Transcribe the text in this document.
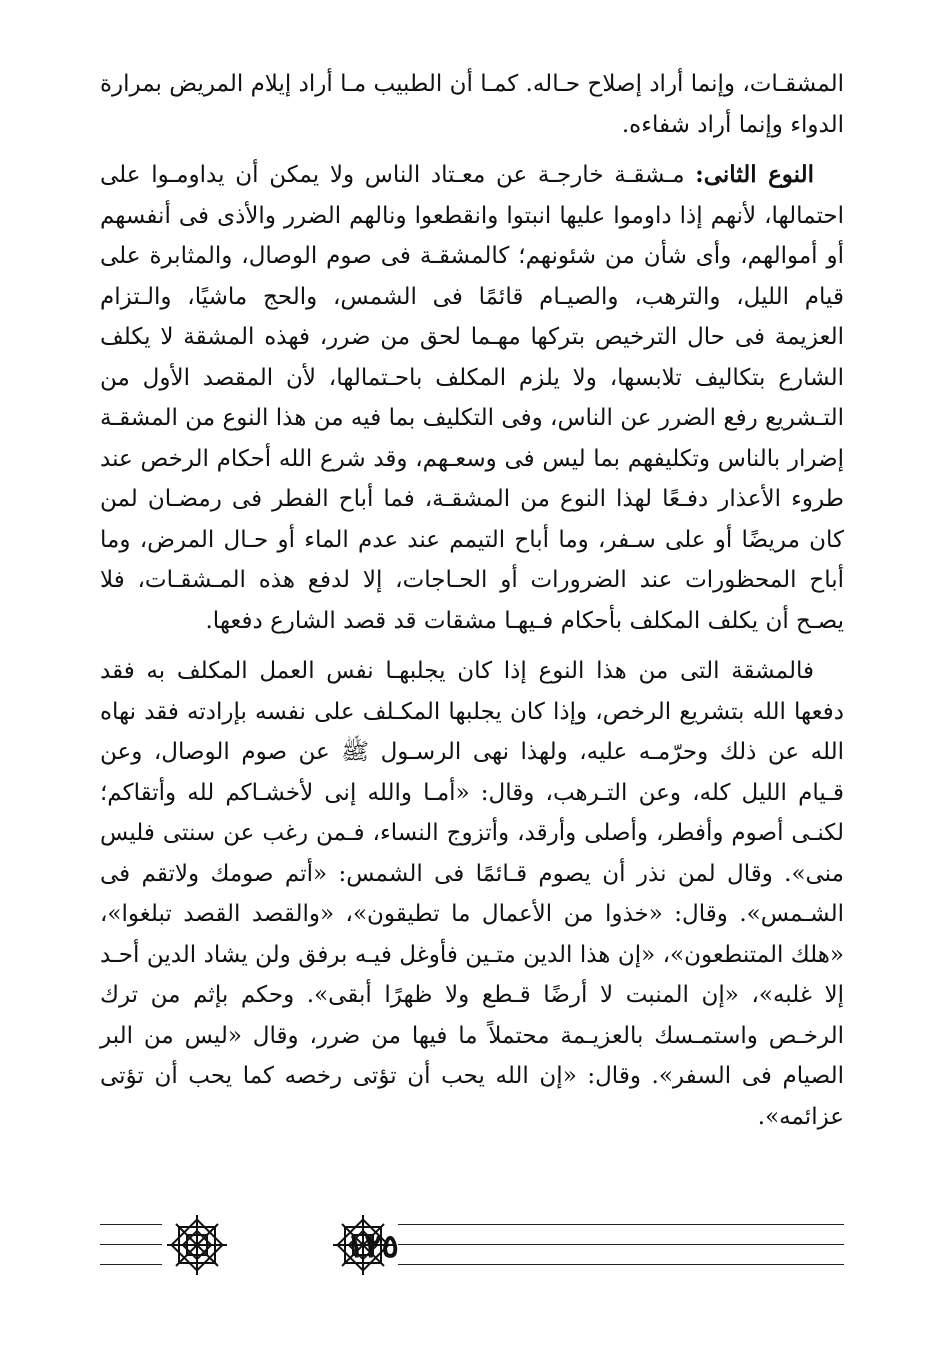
المشقـات، وإنما أراد إصلاح حـاله. كمـا أن الطبيب مـا أراد إيلام المريض بمرارة الدواء وإنما أراد شفاءه.

النوع الثانى: مـشقـة خارجـة عن معـتاد الناس ولا يمكن أن يداومـوا على احتمالها، لأنهم إذا داوموا عليها انبتوا وانقطعوا ونالهم الضرر والأذى فى أنفسهم أو أموالهم، وأى شأن من شئونهم؛ كالمشقـة فى صوم الوصال، والمثابرة على قيام الليل، والترهب، والصيـام قائمًا فى الشمس، والحج ماشيًا، والـتزام العزيمة فى حال الترخيص بتركها مهـما لحق من ضرر، فهذه المشقة لا يكلف الشارع بتكاليف تلابسها، ولا يلزم المكلف باحـتمالها، لأن المقصد الأول من التـشريع رفع الضرر عن الناس، وفى التكليف بما فيه من هذا النوع من المشقـة إضرار بالناس وتكليفهم بما ليس فى وسعـهم، وقد شرع الله أحكام الرخص عند طروء الأعذار دفـعًا لهذا النوع من المشقـة، فما أباح الفطر فى رمضـان لمن كان مريضًا أو على سـفر، وما أباح التيمم عند عدم الماء أو حـال المرض، وما أباح المحظورات عند الضرورات أو الحـاجات، إلا لدفع هذه المـشقـات، فلا يصـح أن يكلف المكلف بأحكام فـيهـا مشقات قد قصد الشارع دفعها.

فالمشقة التى من هذا النوع إذا كان يجلبهـا نفس العمل المكلف به فقد دفعها الله بتشريع الرخص، وإذا كان يجلبها المكـلف على نفسه بإرادته فقد نهاه الله عن ذلك وحرّمـه عليه، ولهذا نهى الرسـول ﷺ عن صوم الوصال، وعن قـيام الليل كله، وعن التـرهب، وقال: «أمـا والله إنى لأخشـاكم لله وأتقاكم؛ لكنـى أصوم وأفطر، وأصلى وأرقد، وأتزوج النساء، فـمن رغب عن سنتى فليس منى». وقال لمن نذر أن يصوم قـائمًا فى الشمس: «أتم صومك ولاتقم فى الشـمس». وقال: «خذوا من الأعمال ما تطيقون»، «والقصد القصد تبلغوا»، «هلك المتنطعون»، «إن هذا الدين متـين فأوغل فيـه برفق ولن يشاد الدين أحـد إلا غلبه»، «إن المنبت لا أرضًا قـطع ولا ظهرًا أبقى». وحكم بإثم من ترك الرخـص واستمـسك بالعزيـمة محتملاً ما فيها من ضرر، وقال «ليس من البر الصيام فى السفر». وقال: «إن الله يحب أن تؤتى رخصه كما يحب أن تؤتى عزائمه».

١٢٥
